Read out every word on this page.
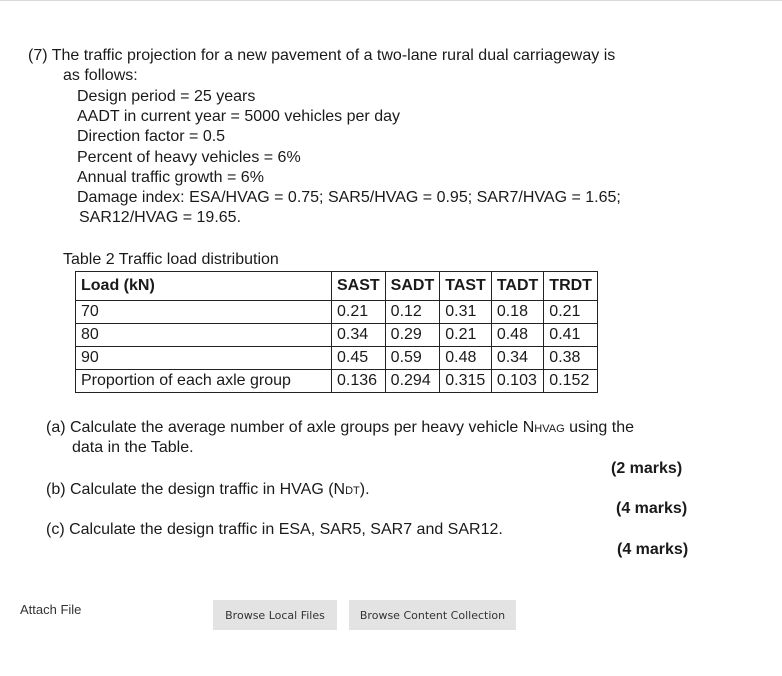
(7) The traffic projection for a new pavement of a two-lane rural dual carriageway is
as follows:
Design period = 25 years
AADT in current year = 5000 vehicles per day
Direction factor = 0.5
Percent of heavy vehicles = 6%
Annual traffic growth = 6%
Damage index: ESA/HVAG = 0.75; SAR5/HVAG = 0.95; SAR7/HVAG = 1.65;
SAR12/HVAG = 19.65.
Table 2 Traffic load distribution
Load (kN)	SAST	SADT	TAST	TADT	TRDT
70	0.21	0.12	0.31	0.18	0.21
80	0.34	0.29	0.21	0.48	0.41
90	0.45	0.59	0.48	0.34	0.38
Proportion of each axle group	0.136	0.294	0.315	0.103	0.152
(a) Calculate the average number of axle groups per heavy vehicle NHVAG using the
data in the Table.
(2 marks)
(b) Calculate the design traffic in HVAG (NDT).
(4 marks)
(c) Calculate the design traffic in ESA, SAR5, SAR7 and SAR12.
(4 marks)
Attach File	Browse Local Files	Browse Content Collection
